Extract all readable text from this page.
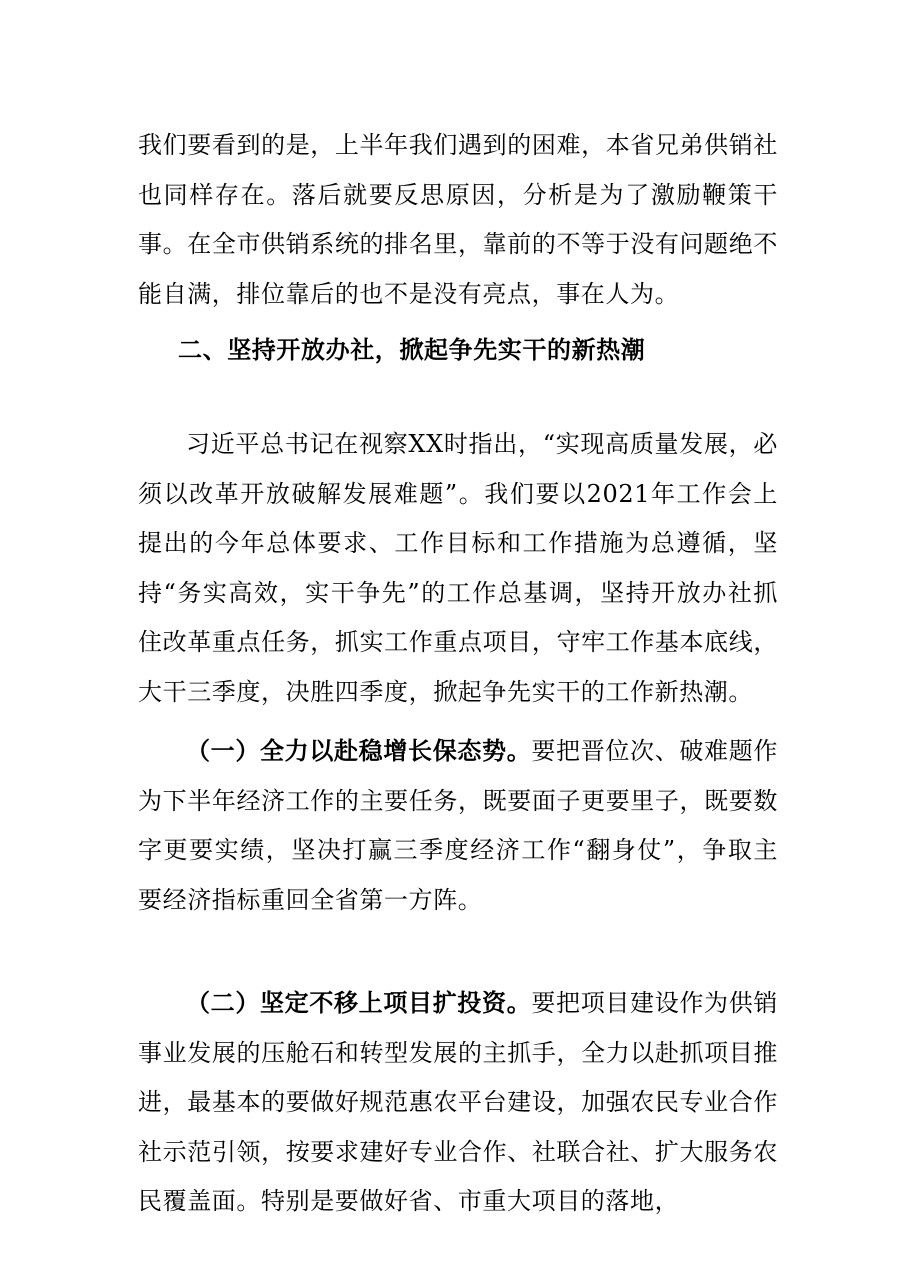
我们要看到的是，上半年我们遇到的困难，本省兄弟供销社也同样存在。落后就要反思原因，分析是为了激励鞭策干事。在全市供销系统的排名里，靠前的不等于没有问题绝不能自满，排位靠后的也不是没有亮点，事在人为。

二、坚持开放办社，掀起争先实干的新热潮

习近平总书记在视察XX时指出，“实现高质量发展，必须以改革开放破解发展难题”。我们要以2021年工作会上提出的今年总体要求、工作目标和工作措施为总遵循，坚持“务实高效，实干争先”的工作总基调，坚持开放办社抓住改革重点任务，抓实工作重点项目，守牢工作基本底线，大干三季度，决胜四季度，掀起争先实干的工作新热潮。

（一）全力以赴稳增长保态势。要把晋位次、破难题作为下半年经济工作的主要任务，既要面子更要里子，既要数字更要实绩，坚决打赢三季度经济工作“翻身仗”，争取主要经济指标重回全省第一方阵。

（二）坚定不移上项目扩投资。要把项目建设作为供销事业发展的压舱石和转型发展的主抓手，全力以赴抓项目推进，最基本的要做好规范惠农平台建设，加强农民专业合作社示范引领，按要求建好专业合作、社联合社、扩大服务农民覆盖面。特别是要做好省、市重大项目的落地，
